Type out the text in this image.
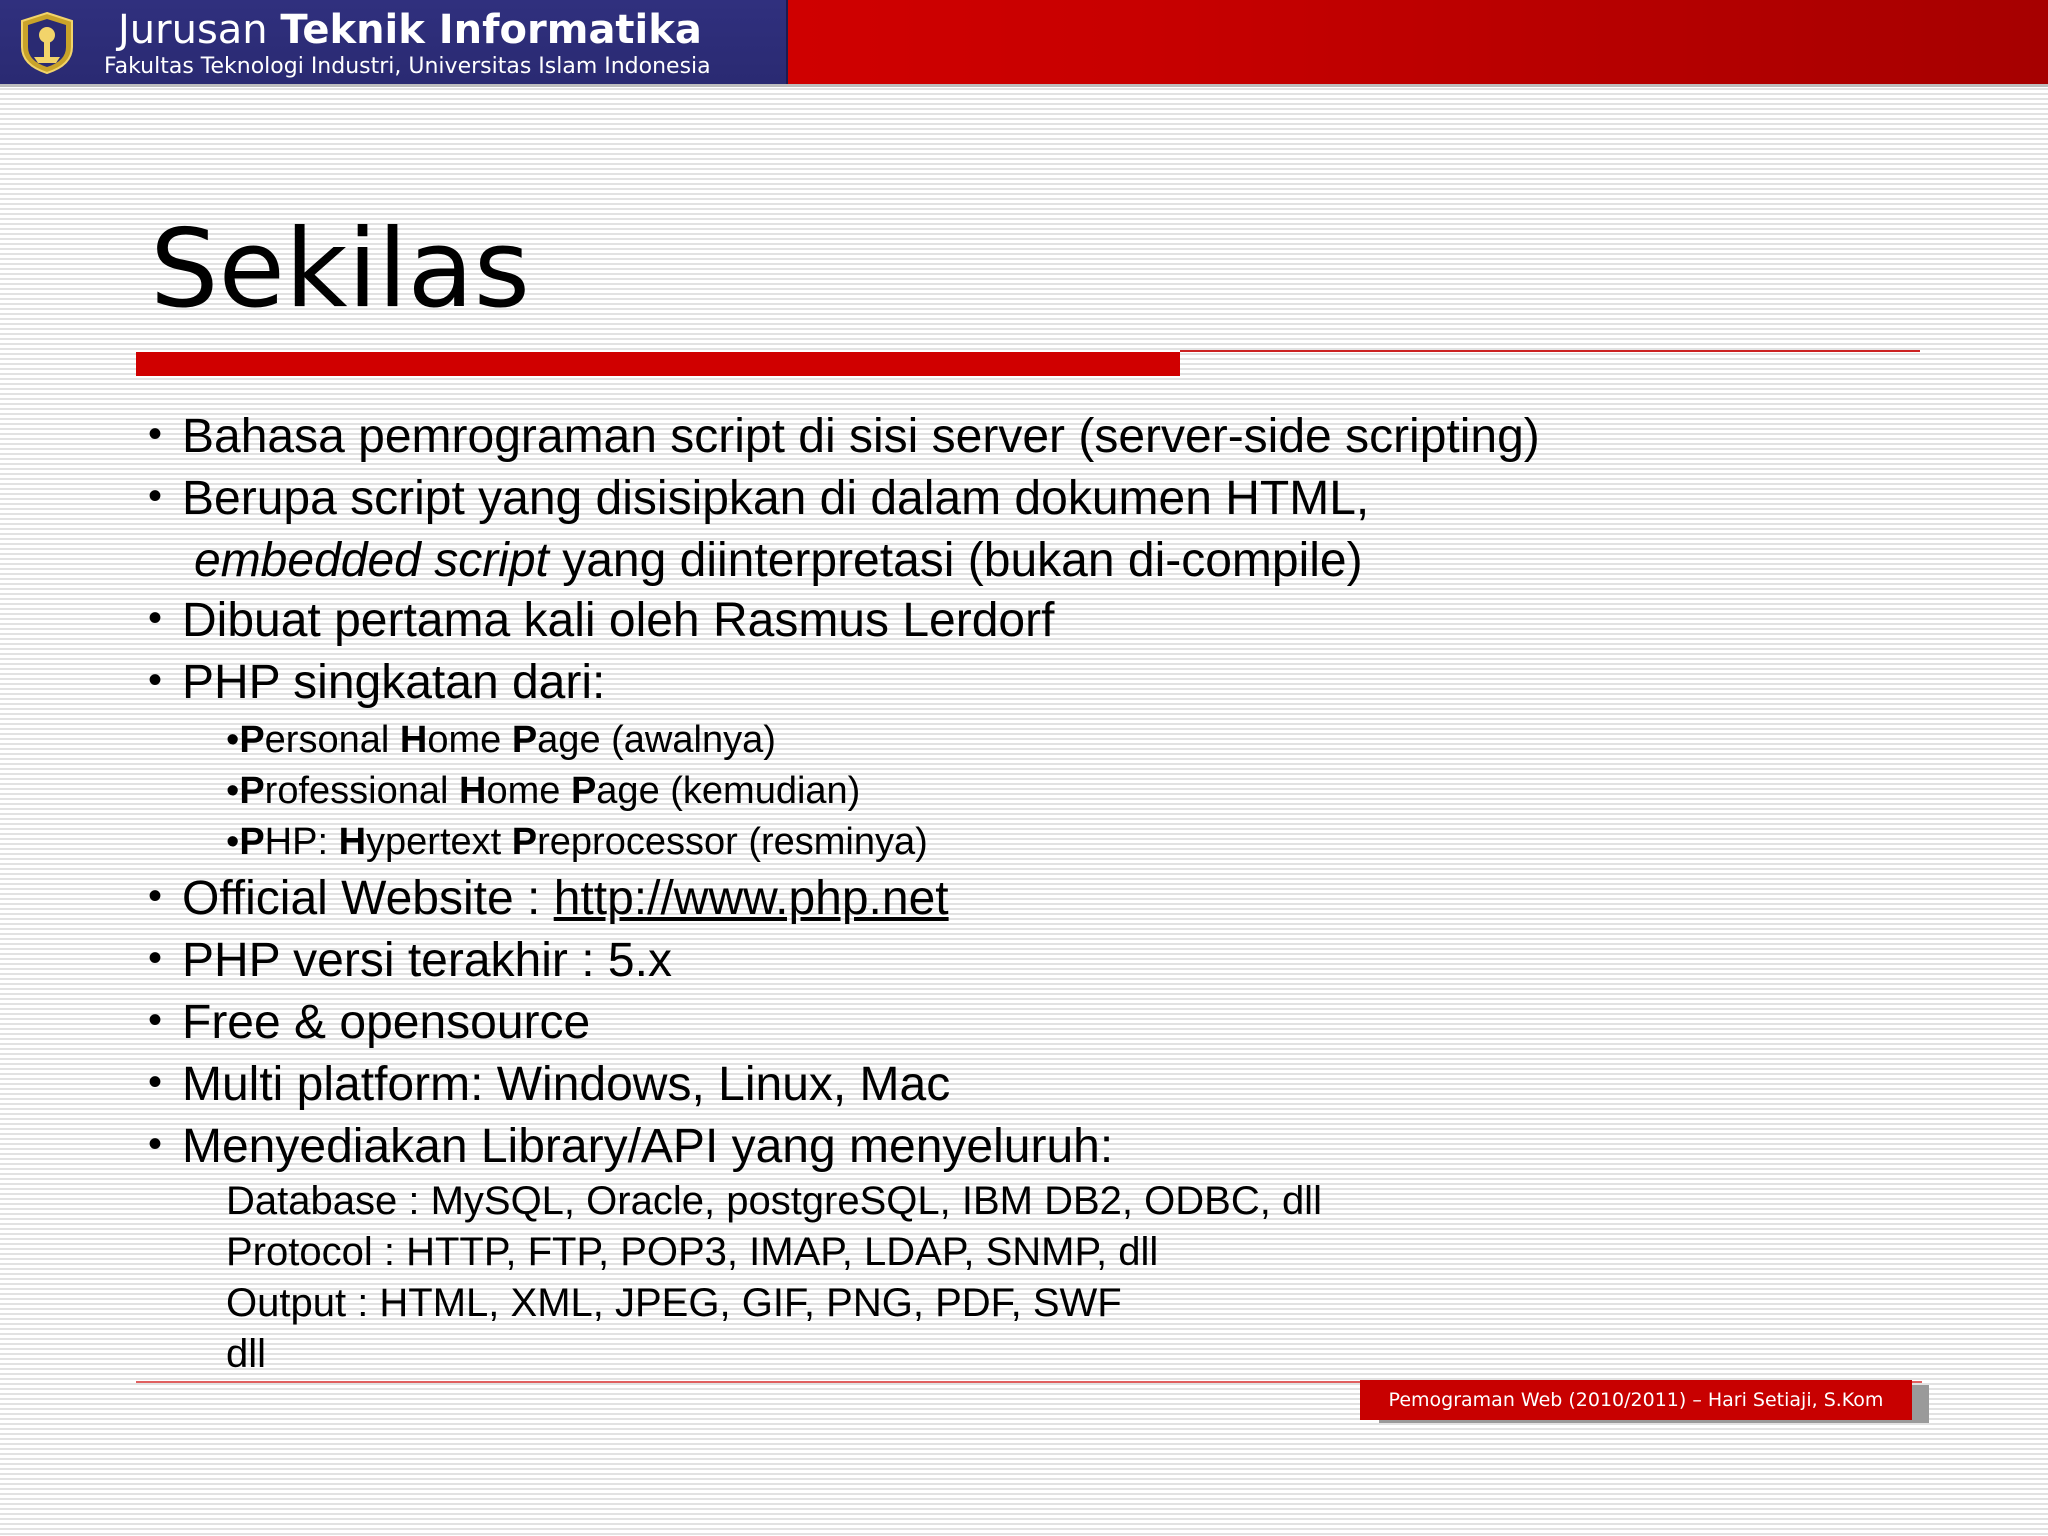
Jurusan Teknik Informatika
Fakultas Teknologi Industri, Universitas Islam Indonesia
Sekilas
• Bahasa pemrograman script di sisi server (server-side scripting)
• Berupa script yang disisipkan di dalam dokumen HTML,
embedded script yang diinterpretasi (bukan di-compile)
• Dibuat pertama kali oleh Rasmus Lerdorf
• PHP singkatan dari:
•Personal Home Page (awalnya)
•Professional Home Page (kemudian)
•PHP: Hypertext Preprocessor (resminya)
• Official Website : http://www.php.net
• PHP versi terakhir : 5.x
• Free & opensource
• Multi platform: Windows, Linux, Mac
• Menyediakan Library/API yang menyeluruh:
Database : MySQL, Oracle, postgreSQL, IBM DB2, ODBC, dll
Protocol : HTTP, FTP, POP3, IMAP, LDAP, SNMP, dll
Output : HTML, XML, JPEG, GIF, PNG, PDF, SWF
dll
Pemograman Web (2010/2011) – Hari Setiaji, S.Kom
